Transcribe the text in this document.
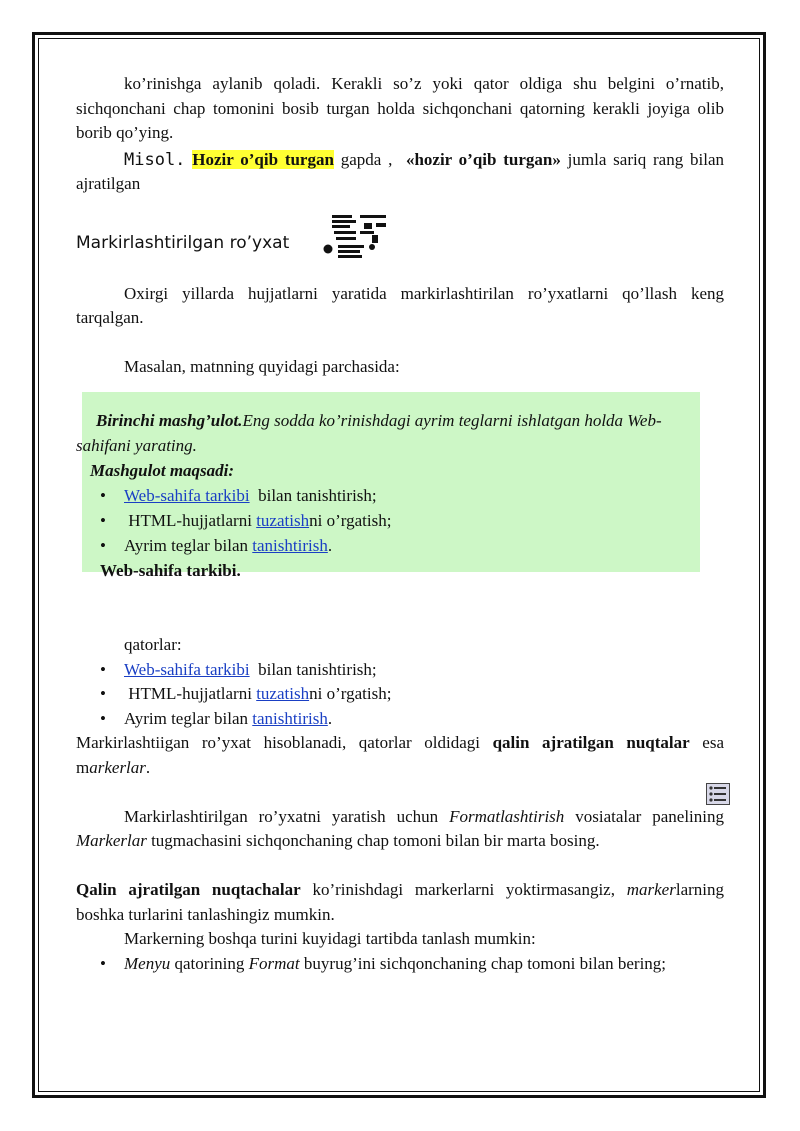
ko’rinishga aylanib qoladi. Kerakli so’z yoki qator oldiga shu belgini o’rnatib, sichqonchani chap tomonini bosib turgan holda sichqonchani qatorning kerakli joyiga olib borib qo’ying.

Misol. Hozir o’qib turgan gapda ,  «hozir o’qib turgan» jumla sariq rang bilan ajratilgan

Markirlashtirilgan ro’yxat

Oxirgi yillarda hujjatlarni yaratida markirlashtirilan ro’yxatlarni qo’llash keng tarqalgan.

Masalan, matnning quyidagi parchasida:

Birinchi mashg’ulot.Eng sodda ko’rinishdagi ayrim teglarni ishlatgan holda Web-sahifani yarating.

Mashgulot maqsadi:

• Web-sahifa tarkibi  bilan tanishtirish;
• HTML-hujjatlarni tuzatishni o’rgatish;
• Ayrim teglar bilan tanishtirish.

Web-sahifa tarkibi.

qatorlar:

• Web-sahifa tarkibi  bilan tanishtirish;
• HTML-hujjatlarni tuzatishni o’rgatish;
• Ayrim teglar bilan tanishtirish.

Markirlashtiigan ro’yxat hisoblanadi, qatorlar oldidagi qalin ajratilgan nuqtalar esa markerlar.

Markirlashtirilgan ro’yxatni yaratish uchun Formatlashtirish vosiatalar panelining Markerlar tugmachasini sichqonchaning chap tomoni bilan bir marta bosing.

Qalin ajratilgan nuqtachalar ko’rinishdagi markerlarni yoktirmasangiz, markerlarning boshka turlarini tanlashingiz mumkin.

Markerning boshqa turini kuyidagi tartibda tanlash mumkin:

• Menyu qatorining Format buyrug’ini sichqonchaning chap tomoni bilan bering;
